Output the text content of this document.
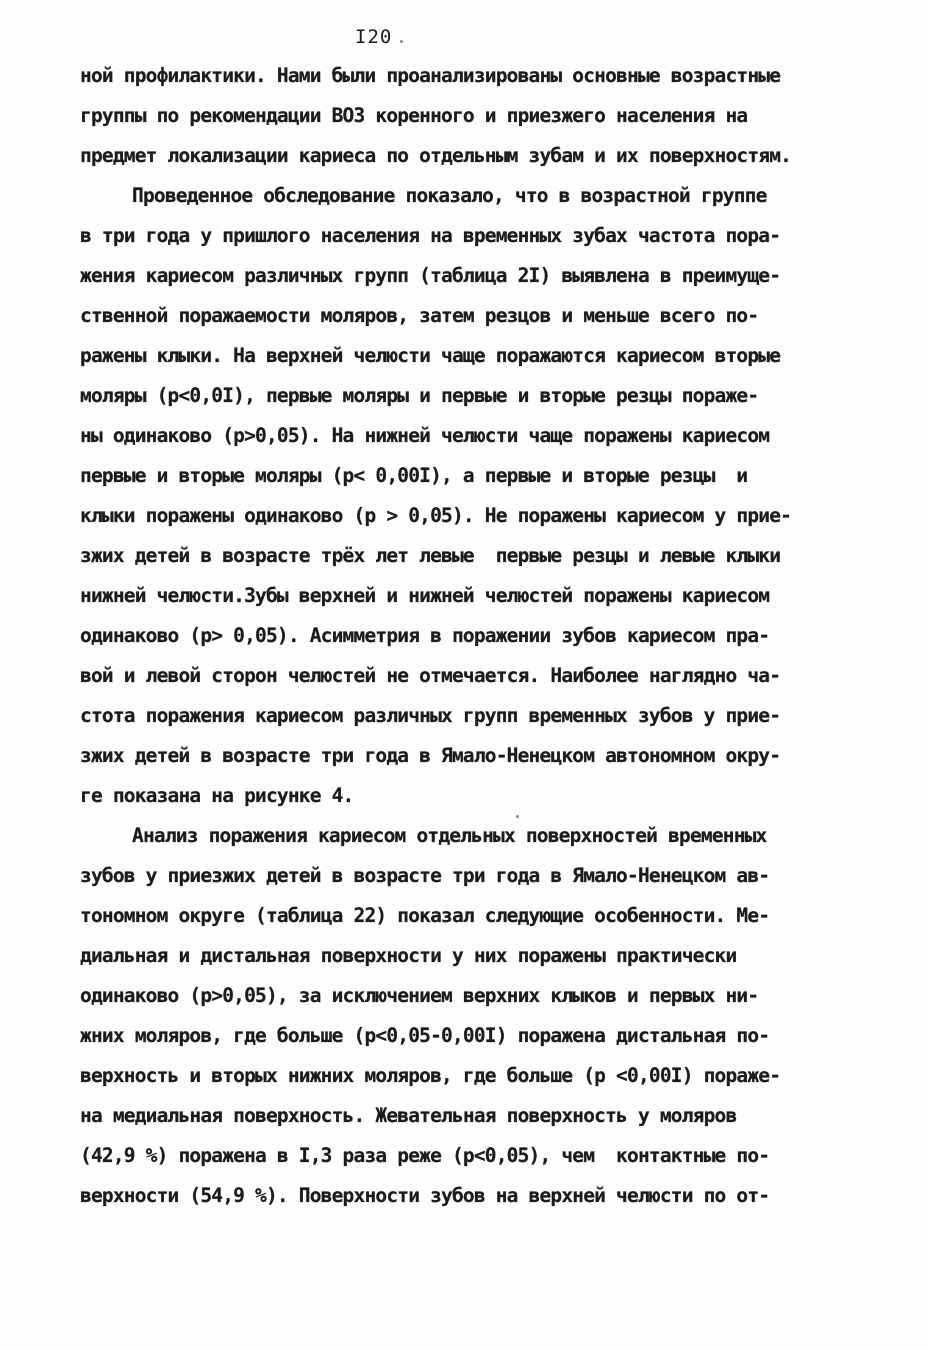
I20
ной профилактики. Нами были проанализированы основные возрастные
группы по рекомендации ВОЗ коренного и приезжего населения на
предмет локализации кариеса по отдельным зубам и их поверхностям.
Проведенное обследование показало, что в возрастной группе
в три года у пришлого населения на временных зубах частота пора-
жения кариесом различных групп (таблица 2I) выявлена в преимуще-
ственной поражаемости моляров, затем резцов и меньше всего по-
ражены клыки. На верхней челюсти чаще поражаются кариесом вторые
моляры (p<0,0I), первые моляры и первые и вторые резцы пораже-
ны одинаково (p>0,05). На нижней челюсти чаще поражены кариесом
первые и вторые моляры (p< 0,00I), а первые и вторые резцы  и
клыки поражены одинаково (p > 0,05). Не поражены кариесом у прие-
зжих детей в возрасте трёх лет левые  первые резцы и левые клыки
нижней челюсти.Зубы верхней и нижней челюстей поражены кариесом
одинаково (p> 0,05). Асимметрия в поражении зубов кариесом пра-
вой и левой сторон челюстей не отмечается. Наиболее наглядно ча-
стота поражения кариесом различных групп временных зубов у прие-
зжих детей в возрасте три года в Ямало-Ненецком автономном окру-
ге показана на рисунке 4.
Анализ поражения кариесом отдельных поверхностей временных
зубов у приезжих детей в возрасте три года в Ямало-Ненецком ав-
тономном округе (таблица 22) показал следующие особенности. Ме-
диальная и дистальная поверхности у них поражены практически
одинаково (p>0,05), за исключением верхних клыков и первых ни-
жних моляров, где больше (p<0,05-0,00I) поражена дистальная по-
верхность и вторых нижних моляров, где больше (p <0,00I) пораже-
на медиальная поверхность. Жевательная поверхность у моляров
(42,9 %) поражена в I,3 раза реже (p<0,05), чем  контактные по-
верхности (54,9 %). Поверхности зубов на верхней челюсти по от-
